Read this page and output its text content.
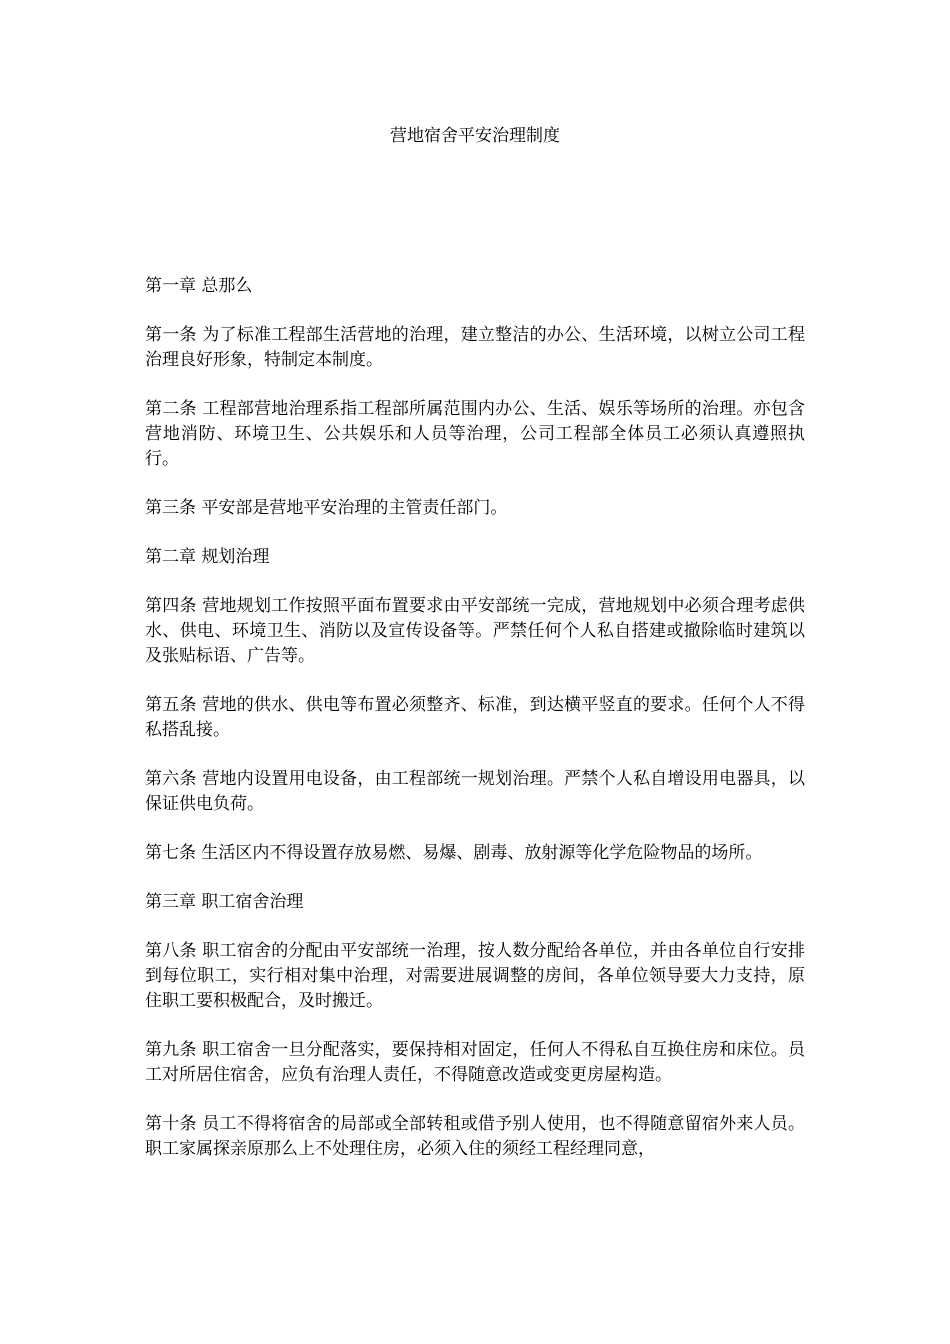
营地宿舍平安治理制度

第一章 总那么

第一条 为了标准工程部生活营地的治理，建立整洁的办公、生活环境，以树立公司工程治理良好形象，特制定本制度。

第二条 工程部营地治理系指工程部所属范围内办公、生活、娱乐等场所的治理。亦包含营地消防、环境卫生、公共娱乐和人员等治理，公司工程部全体员工必须认真遵照执行。

第三条 平安部是营地平安治理的主管责任部门。

第二章 规划治理

第四条 营地规划工作按照平面布置要求由平安部统一完成，营地规划中必须合理考虑供水、供电、环境卫生、消防以及宣传设备等。严禁任何个人私自搭建或撤除临时建筑以及张贴标语、广告等。

第五条 营地的供水、供电等布置必须整齐、标准，到达横平竖直的要求。任何个人不得私搭乱接。

第六条 营地内设置用电设备，由工程部统一规划治理。严禁个人私自增设用电器具，以保证供电负荷。

第七条 生活区内不得设置存放易燃、易爆、剧毒、放射源等化学危险物品的场所。

第三章 职工宿舍治理

第八条 职工宿舍的分配由平安部统一治理，按人数分配给各单位，并由各单位自行安排到每位职工，实行相对集中治理，对需要进展调整的房间，各单位领导要大力支持，原住职工要积极配合，及时搬迁。

第九条 职工宿舍一旦分配落实，要保持相对固定，任何人不得私自互换住房和床位。员工对所居住宿舍，应负有治理人责任，不得随意改造或变更房屋构造。

第十条 员工不得将宿舍的局部或全部转租或借予别人使用，也不得随意留宿外来人员。职工家属探亲原那么上不处理住房，必须入住的须经工程经理同意，
